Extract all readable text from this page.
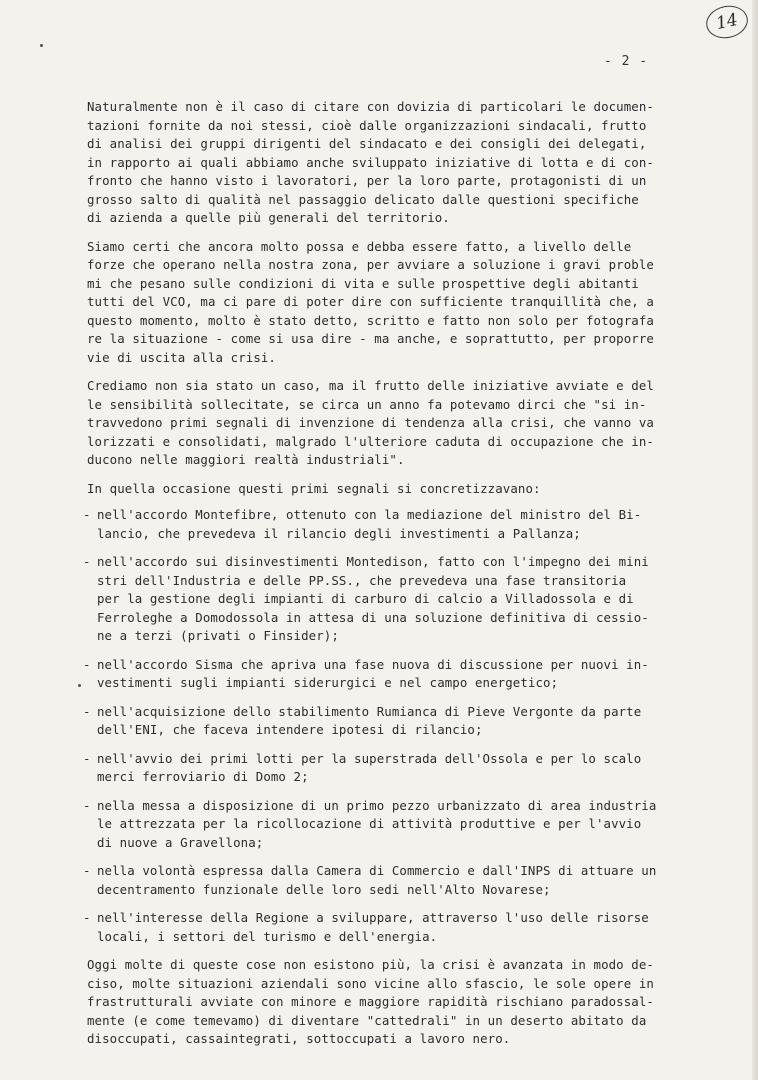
14
- 2 -

Naturalmente non è il caso di citare con dovizia di particolari le documen-
tazioni fornite da noi stessi, cioè dalle organizzazioni sindacali, frutto
di analisi dei gruppi dirigenti del sindacato e dei consigli dei delegati,
in rapporto ai quali abbiamo anche sviluppato iniziative di lotta e di con-
fronto che hanno visto i lavoratori, per la loro parte, protagonisti di un
grosso salto di qualità nel passaggio delicato dalle questioni specifiche
di azienda a quelle più generali del territorio.

Siamo certi che ancora molto possa e debba essere fatto, a livello delle
forze che operano nella nostra zona, per avviare a soluzione i gravi proble
mi che pesano sulle condizioni di vita e sulle prospettive degli abitanti
tutti del VCO, ma ci pare di poter dire con sufficiente tranquillità che, a
questo momento, molto è stato detto, scritto e fatto non solo per fotografa
re la situazione - come si usa dire - ma anche, e soprattutto, per proporre
vie di uscita alla crisi.

Crediamo non sia stato un caso, ma il frutto delle iniziative avviate e del
le sensibilità sollecitate, se circa un anno fa potevamo dirci che "si in-
travvedono primi segnali di invenzione di tendenza alla crisi, che vanno va
lorizzati e consolidati, malgrado l'ulteriore caduta di occupazione che in-
ducono nelle maggiori realtà industriali".

In quella occasione questi primi segnali si concretizzavano:

- nell'accordo Montefibre, ottenuto con la mediazione del ministro del Bi-
lancio, che prevedeva il rilancio degli investimenti a Pallanza;
- nell'accordo sui disinvestimenti Montedison, fatto con l'impegno dei mini
stri dell'Industria e delle PP.SS., che prevedeva una fase transitoria
per la gestione degli impianti di carburo di calcio a Villadossola e di
Ferroleghe a Domodossola in attesa di una soluzione definitiva di cessio-
ne a terzi (privati o Finsider);
- nell'accordo Sisma che apriva una fase nuova di discussione per nuovi in-
vestimenti sugli impianti siderurgici e nel campo energetico;
- nell'acquisizione dello stabilimento Rumianca di Pieve Vergonte da parte
dell'ENI, che faceva intendere ipotesi di rilancio;
- nell'avvio dei primi lotti per la superstrada dell'Ossola e per lo scalo
merci ferroviario di Domo 2;
- nella messa a disposizione di un primo pezzo urbanizzato di area industria
le attrezzata per la ricollocazione di attività produttive e per l'avvio
di nuove a Gravellona;
- nella volontà espressa dalla Camera di Commercio e dall'INPS di attuare un
decentramento funzionale delle loro sedi nell'Alto Novarese;
- nell'interesse della Regione a sviluppare, attraverso l'uso delle risorse
locali, i settori del turismo e dell'energia.

Oggi molte di queste cose non esistono più, la crisi è avanzata in modo de-
ciso, molte situazioni aziendali sono vicine allo sfascio, le sole opere in
frastrutturali avviate con minore e maggiore rapidità rischiano paradossal-
mente (e come temevamo) di diventare "cattedrali" in un deserto abitato da
disoccupati, cassaintegrati, sottoccupati a lavoro nero.
